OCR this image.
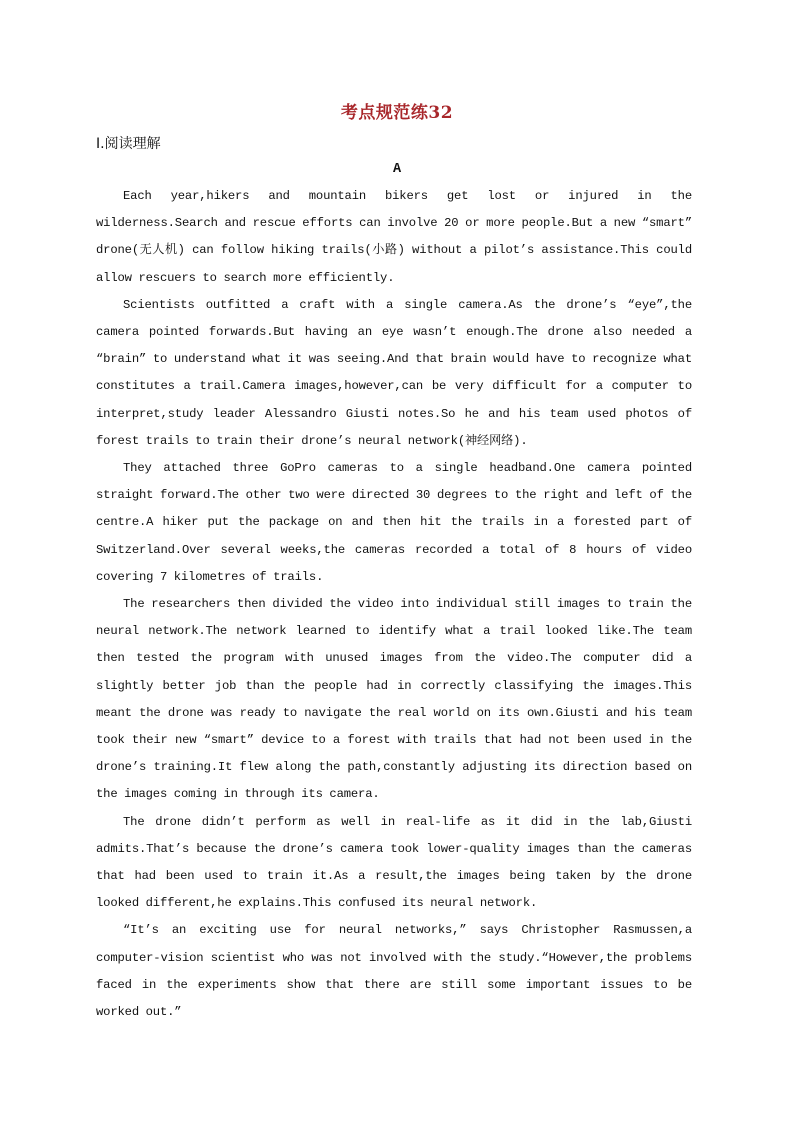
考点规范练32
Ⅰ.阅读理解
A

Each year,hikers and mountain bikers get lost or injured in the wilderness.Search and rescue efforts can involve 20 or more people.But a new “smart” drone(无人机) can follow hiking trails(小路) without a pilot’s assistance.This could allow rescuers to search more efficiently.

Scientists outfitted a craft with a single camera.As the drone’s “eye”,the camera pointed forwards.But having an eye wasn’t enough.The drone also needed a “brain” to understand what it was seeing.And that brain would have to recognize what constitutes a trail.Camera images,however,can be very difficult for a computer to interpret,study leader Alessandro Giusti notes.So he and his team used photos of forest trails to train their drone’s neural network(神经网络).

They attached three GoPro cameras to a single headband.One camera pointed straight forward.The other two were directed 30 degrees to the right and left of the centre.A hiker put the package on and then hit the trails in a forested part of Switzerland.Over several weeks,the cameras recorded a total of 8 hours of video covering 7 kilometres of trails.

The researchers then divided the video into individual still images to train the neural network.The network learned to identify what a trail looked like.The team then tested the program with unused images from the video.The computer did a slightly better job than the people had in correctly classifying the images.This meant the drone was ready to navigate the real world on its own.Giusti and his team took their new “smart” device to a forest with trails that had not been used in the drone’s training.It flew along the path,constantly adjusting its direction based on the images coming in through its camera.

The drone didn’t perform as well in real-life as it did in the lab,Giusti admits.That’s because the drone’s camera took lower-quality images than the cameras that had been used to train it.As a result,the images being taken by the drone looked different,he explains.This confused its neural network.

“It’s an exciting use for neural networks,” says Christopher Rasmussen,a computer-vision scientist who was not involved with the study.“However,the problems faced in the experiments show that there are still some important issues to be worked out.”
